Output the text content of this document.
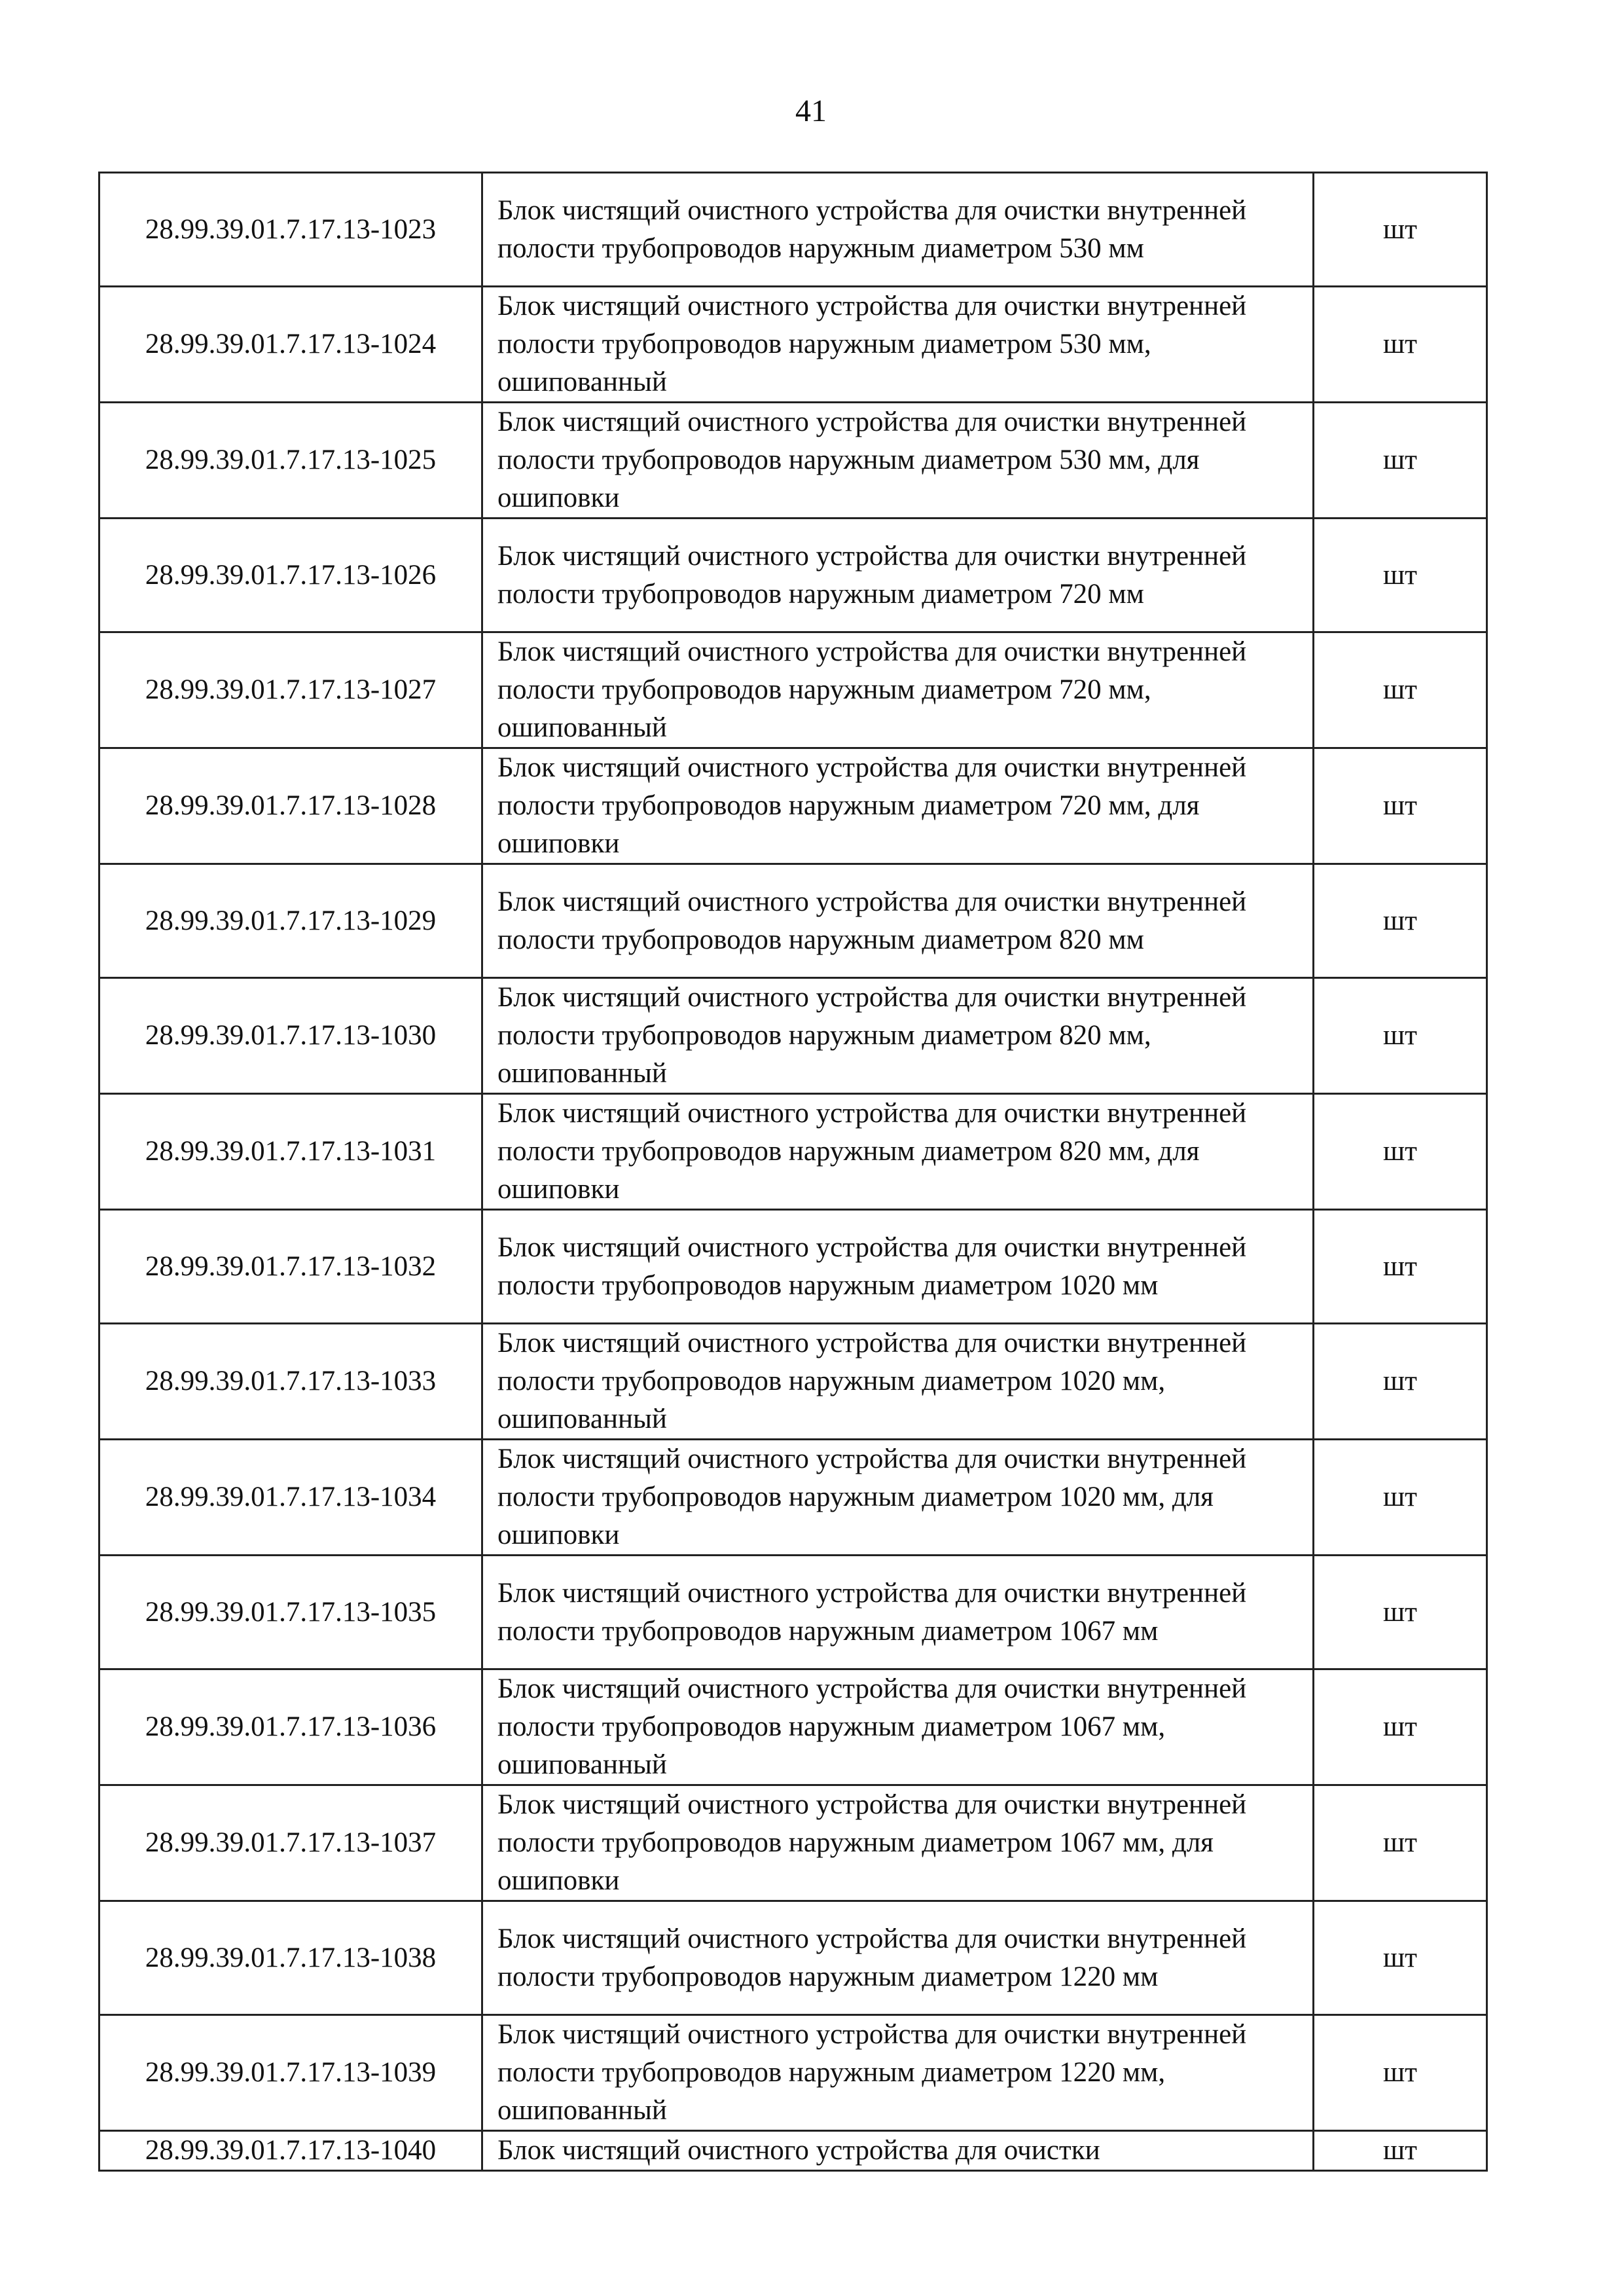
41
28.99.39.01.7.17.13-1023	Блок чистящий очистного устройства для очистки внутренней полости трубопроводов наружным диаметром 530 мм	шт
28.99.39.01.7.17.13-1024	Блок чистящий очистного устройства для очистки внутренней полости трубопроводов наружным диаметром 530 мм, ошипованный	шт
28.99.39.01.7.17.13-1025	Блок чистящий очистного устройства для очистки внутренней полости трубопроводов наружным диаметром 530 мм, для ошиповки	шт
28.99.39.01.7.17.13-1026	Блок чистящий очистного устройства для очистки внутренней полости трубопроводов наружным диаметром 720 мм	шт
28.99.39.01.7.17.13-1027	Блок чистящий очистного устройства для очистки внутренней полости трубопроводов наружным диаметром 720 мм, ошипованный	шт
28.99.39.01.7.17.13-1028	Блок чистящий очистного устройства для очистки внутренней полости трубопроводов наружным диаметром 720 мм, для ошиповки	шт
28.99.39.01.7.17.13-1029	Блок чистящий очистного устройства для очистки внутренней полости трубопроводов наружным диаметром 820 мм	шт
28.99.39.01.7.17.13-1030	Блок чистящий очистного устройства для очистки внутренней полости трубопроводов наружным диаметром 820 мм, ошипованный	шт
28.99.39.01.7.17.13-1031	Блок чистящий очистного устройства для очистки внутренней полости трубопроводов наружным диаметром 820 мм, для ошиповки	шт
28.99.39.01.7.17.13-1032	Блок чистящий очистного устройства для очистки внутренней полости трубопроводов наружным диаметром 1020 мм	шт
28.99.39.01.7.17.13-1033	Блок чистящий очистного устройства для очистки внутренней полости трубопроводов наружным диаметром 1020 мм, ошипованный	шт
28.99.39.01.7.17.13-1034	Блок чистящий очистного устройства для очистки внутренней полости трубопроводов наружным диаметром 1020 мм, для ошиповки	шт
28.99.39.01.7.17.13-1035	Блок чистящий очистного устройства для очистки внутренней полости трубопроводов наружным диаметром 1067 мм	шт
28.99.39.01.7.17.13-1036	Блок чистящий очистного устройства для очистки внутренней полости трубопроводов наружным диаметром 1067 мм, ошипованный	шт
28.99.39.01.7.17.13-1037	Блок чистящий очистного устройства для очистки внутренней полости трубопроводов наружным диаметром 1067 мм, для ошиповки	шт
28.99.39.01.7.17.13-1038	Блок чистящий очистного устройства для очистки внутренней полости трубопроводов наружным диаметром 1220 мм	шт
28.99.39.01.7.17.13-1039	Блок чистящий очистного устройства для очистки внутренней полости трубопроводов наружным диаметром 1220 мм, ошипованный	шт
28.99.39.01.7.17.13-1040	Блок чистящий очистного устройства для очистки	шт
